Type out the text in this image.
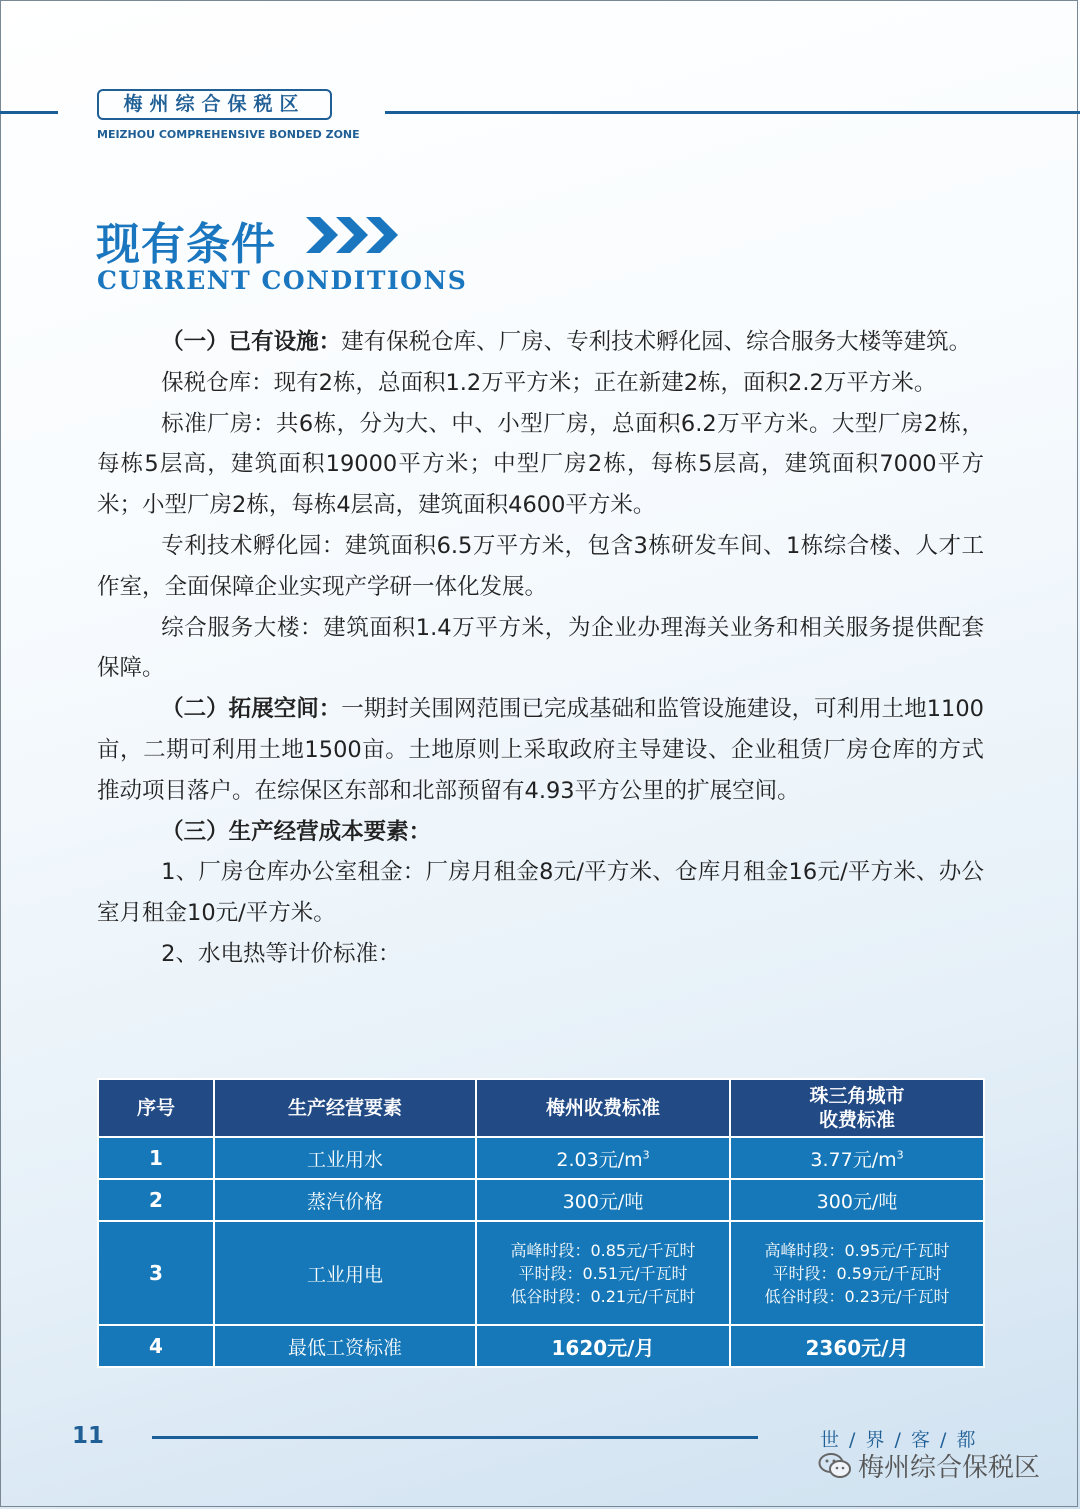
梅州综合保税区
MEIZHOU COMPREHENSIVE BONDED ZONE
现有条件
CURRENT CONDITIONS

（一）已有设施：建有保税仓库、厂房、专利技术孵化园、综合服务大楼等建筑。

保税仓库：现有2栋，总面积1.2万平方米；正在新建2栋，面积2.2万平方米。

标准厂房：共6栋，分为大、中、小型厂房，总面积6.2万平方米。大型厂房2栋，每栋5层高，建筑面积19000平方米；中型厂房2栋，每栋5层高，建筑面积7000平方米；小型厂房2栋，每栋4层高，建筑面积4600平方米。

专利技术孵化园：建筑面积6.5万平方米，包含3栋研发车间、1栋综合楼、人才工作室，全面保障企业实现产学研一体化发展。

综合服务大楼：建筑面积1.4万平方米，为企业办理海关业务和相关服务提供配套保障。

（二）拓展空间：一期封关围网范围已完成基础和监管设施建设，可利用土地1100亩，二期可利用土地1500亩。土地原则上采取政府主导建设、企业租赁厂房仓库的方式推动项目落户。在综保区东部和北部预留有4.93平方公里的扩展空间。

（三）生产经营成本要素：

1、厂房仓库办公室租金：厂房月租金8元/平方米、仓库月租金16元/平方米、办公室月租金10元/平方米。

2、水电热等计价标准：

序号	生产经营要素	梅州收费标准	珠三角城市
收费标准
1	工业用水	2.03元$/m^3$	3.77元$/m^3$
2	蒸汽价格	300元/吨	300元/吨
3	工业用电	高峰时段：0.85元/千瓦时
平时段：0.51元/千瓦时
低谷时段：0.21元/千瓦时	高峰时段：0.95元/千瓦时
平时段：0.59元/千瓦时
低谷时段：0.23元/千瓦时
4	最低工资标准	1620元/月	2360元/月
11	世 / 界 / 客 / 都
梅州综合保税区
